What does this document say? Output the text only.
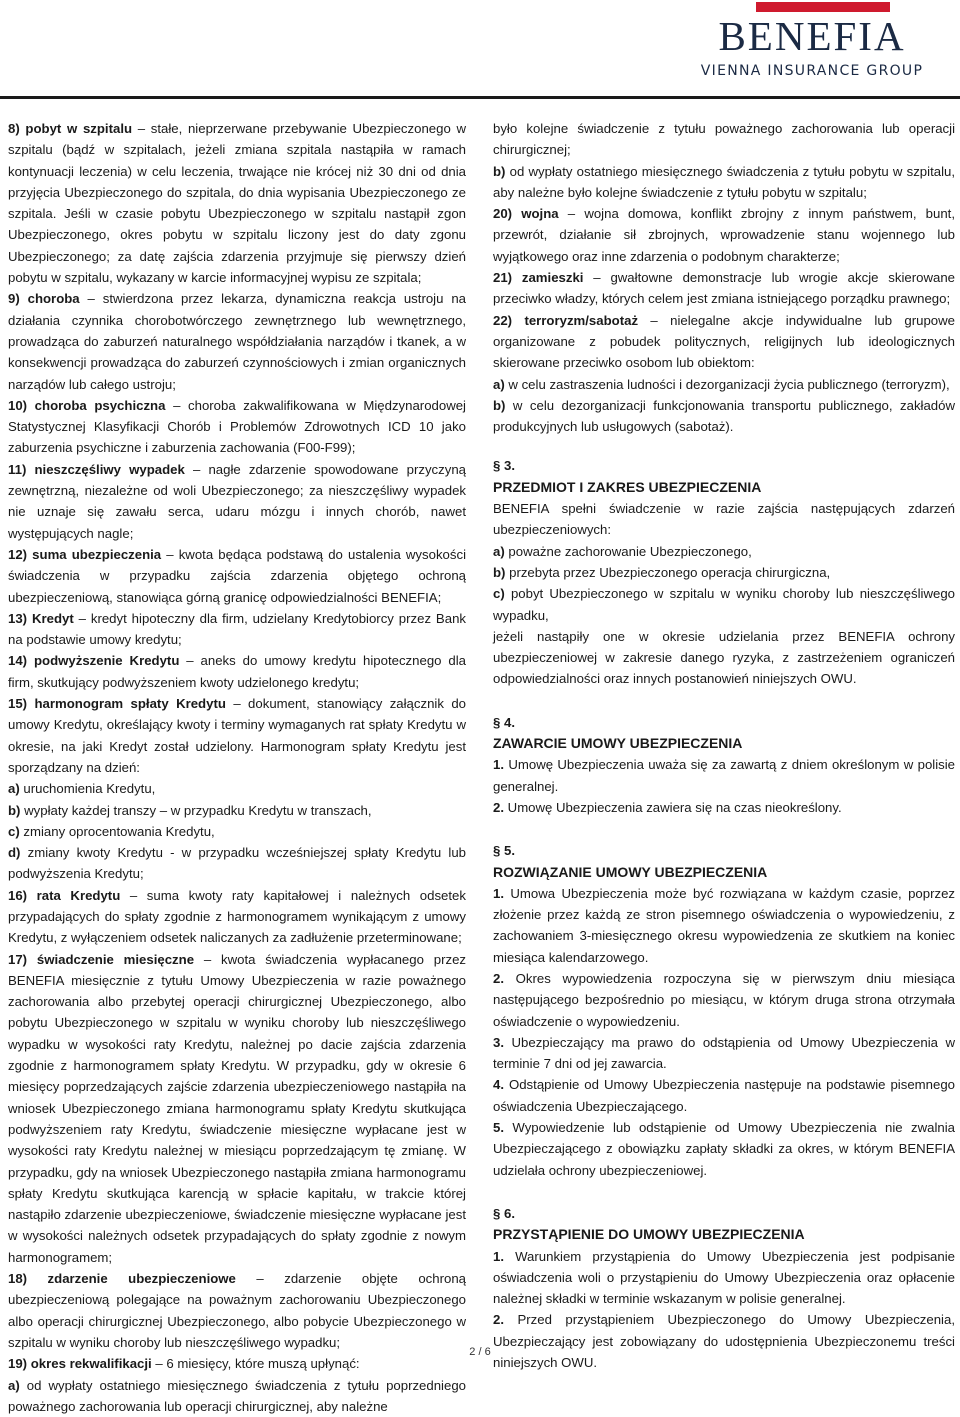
BENEFIA
VIENNA INSURANCE GROUP

8) pobyt w szpitalu – stałe, nieprzerwane przebywanie Ubezpieczonego w szpitalu (bądź w szpitalach, jeżeli zmiana szpitala nastąpiła w ramach kontynuacji leczenia) w celu leczenia, trwające nie krócej niż 30 dni od dnia przyjęcia Ubezpieczonego do szpitala, do dnia wypisania Ubezpieczonego ze szpitala. Jeśli w czasie pobytu Ubezpieczonego w szpitalu nastąpił zgon Ubezpieczonego, okres pobytu w szpitalu liczony jest do daty zgonu Ubezpieczonego; za datę zajścia zdarzenia przyjmuje się pierwszy dzień pobytu w szpitalu, wykazany w karcie informacyjnej wypisu ze szpitala;

9) choroba – stwierdzona przez lekarza, dynamiczna reakcja ustroju na działania czynnika chorobotwórczego zewnętrznego lub wewnętrznego, prowadząca do zaburzeń naturalnego współdziałania narządów i tkanek, a w konsekwencji prowadząca do zaburzeń czynnościowych i zmian organicznych narządów lub całego ustroju;

10) choroba psychiczna – choroba zakwalifikowana w Międzynarodowej Statystycznej Klasyfikacji Chorób i Problemów Zdrowotnych ICD 10 jako zaburzenia psychiczne i zaburzenia zachowania (F00-F99);

11) nieszczęśliwy wypadek – nagłe zdarzenie spowodowane przyczyną zewnętrzną, niezależne od woli Ubezpieczonego; za nieszczęśliwy wypadek nie uznaje się zawału serca, udaru mózgu i innych chorób, nawet występujących nagle;

12) suma ubezpieczenia – kwota będąca podstawą do ustalenia wysokości świadczenia w przypadku zajścia zdarzenia objętego ochroną ubezpieczeniową, stanowiąca górną granicę odpowiedzialności BENEFIA;

13) Kredyt – kredyt hipoteczny dla firm, udzielany Kredytobiorcy przez Bank na podstawie umowy kredytu;

14) podwyższenie Kredytu – aneks do umowy kredytu hipotecznego dla firm, skutkujący podwyższeniem kwoty udzielonego kredytu;

15) harmonogram spłaty Kredytu – dokument, stanowiący załącznik do umowy Kredytu, określający kwoty i terminy wymaganych rat spłaty Kredytu w okresie, na jaki Kredyt został udzielony. Harmonogram spłaty Kredytu jest sporządzany na dzień:

a) uruchomienia Kredytu,

b) wypłaty każdej transzy – w przypadku Kredytu w transzach,

c) zmiany oprocentowania Kredytu,

d) zmiany kwoty Kredytu - w przypadku wcześniejszej spłaty Kredytu lub podwyższenia Kredytu;

16) rata Kredytu – suma kwoty raty kapitałowej i należnych odsetek przypadających do spłaty zgodnie z harmonogramem wynikającym z umowy Kredytu, z wyłączeniem odsetek naliczanych za zadłużenie przeterminowane;

17) świadczenie miesięczne – kwota świadczenia wypłacanego przez BENEFIA miesięcznie z tytułu Umowy Ubezpieczenia w razie poważnego zachorowania albo przebytej operacji chirurgicznej Ubezpieczonego, albo pobytu Ubezpieczonego w szpitalu w wyniku choroby lub nieszczęśliwego wypadku w wysokości raty Kredytu, należnej po dacie zajścia zdarzenia zgodnie z harmonogramem spłaty Kredytu. W przypadku, gdy w okresie 6 miesięcy poprzedzających zajście zdarzenia ubezpieczeniowego nastąpiła na wniosek Ubezpieczonego zmiana harmonogramu spłaty Kredytu skutkująca podwyższeniem raty Kredytu, świadczenie miesięczne wypłacane jest w wysokości raty Kredytu należnej w miesiącu poprzedzającym tę zmianę. W przypadku, gdy na wniosek Ubezpieczonego nastąpiła zmiana harmonogramu spłaty Kredytu skutkująca karencją w spłacie kapitału, w trakcie której nastąpiło zdarzenie ubezpieczeniowe, świadczenie miesięczne wypłacane jest w wysokości należnych odsetek przypadających do spłaty zgodnie z nowym harmonogramem;

18) zdarzenie ubezpieczeniowe – zdarzenie objęte ochroną ubezpieczeniową polegające na poważnym zachorowaniu Ubezpieczonego albo operacji chirurgicznej Ubezpieczonego, albo pobycie Ubezpieczonego w szpitalu w wyniku choroby lub nieszczęśliwego wypadku;

19) okres rekwalifikacji – 6 miesięcy, które muszą upłynąć:

a) od wypłaty ostatniego miesięcznego świadczenia z tytułu poprzedniego poważnego zachorowania lub operacji chirurgicznej, aby należne

było kolejne świadczenie z tytułu poważnego zachorowania lub operacji chirurgicznej;

b) od wypłaty ostatniego miesięcznego świadczenia z tytułu pobytu w szpitalu, aby należne było kolejne świadczenie z tytułu pobytu w szpitalu;

20) wojna – wojna domowa, konflikt zbrojny z innym państwem, bunt, przewrót, działanie sił zbrojnych, wprowadzenie stanu wojennego lub wyjątkowego oraz inne zdarzenia o podobnym charakterze;

21) zamieszki – gwałtowne demonstracje lub wrogie akcje skierowane przeciwko władzy, których celem jest zmiana istniejącego porządku prawnego;

22) terroryzm/sabotaż – nielegalne akcje indywidualne lub grupowe organizowane z pobudek politycznych, religijnych lub ideologicznych skierowane przeciwko osobom lub obiektom:

a) w celu zastraszenia ludności i dezorganizacji życia publicznego (terroryzm),

b) w celu dezorganizacji funkcjonowania transportu publicznego, zakładów produkcyjnych lub usługowych (sabotaż).

§ 3.

PRZEDMIOT I ZAKRES UBEZPIECZENIA

BENEFIA spełni świadczenie w razie zajścia następujących zdarzeń ubezpieczeniowych:

a) poważne zachorowanie Ubezpieczonego,

b) przebyta przez Ubezpieczonego operacja chirurgiczna,

c) pobyt Ubezpieczonego w szpitalu w wyniku choroby lub nieszczęśliwego wypadku,

jeżeli nastąpiły one w okresie udzielania przez BENEFIA ochrony ubezpieczeniowej w zakresie danego ryzyka, z zastrzeżeniem ograniczeń odpowiedzialności oraz innych postanowień niniejszych OWU.

§ 4.

ZAWARCIE UMOWY UBEZPIECZENIA

1. Umowę Ubezpieczenia uważa się za zawartą z dniem określonym w polisie generalnej.

2. Umowę Ubezpieczenia zawiera się na czas nieokreślony.

§ 5.

ROZWIĄZANIE UMOWY UBEZPIECZENIA

1. Umowa Ubezpieczenia może być rozwiązana w każdym czasie, poprzez złożenie przez każdą ze stron pisemnego oświadczenia o wypowiedzeniu, z zachowaniem 3-miesięcznego okresu wypowiedzenia ze skutkiem na koniec miesiąca kalendarzowego.

2. Okres wypowiedzenia rozpoczyna się w pierwszym dniu miesiąca następującego bezpośrednio po miesiącu, w którym druga strona otrzymała oświadczenie o wypowiedzeniu.

3. Ubezpieczający ma prawo do odstąpienia od Umowy Ubezpieczenia w terminie 7 dni od jej zawarcia.

4. Odstąpienie od Umowy Ubezpieczenia następuje na podstawie pisemnego oświadczenia Ubezpieczającego.

5. Wypowiedzenie lub odstąpienie od Umowy Ubezpieczenia nie zwalnia Ubezpieczającego z obowiązku zapłaty składki za okres, w którym BENEFIA udzielała ochrony ubezpieczeniowej.

§ 6.

PRZYSTĄPIENIE DO UMOWY UBEZPIECZENIA

1. Warunkiem przystąpienia do Umowy Ubezpieczenia jest podpisanie oświadczenia woli o przystąpieniu do Umowy Ubezpieczenia oraz opłacenie należnej składki w terminie wskazanym w polisie generalnej.

2. Przed przystąpieniem Ubezpieczonego do Umowy Ubezpieczenia, Ubezpieczający jest zobowiązany do udostępnienia Ubezpieczonemu treści niniejszych OWU.

2 / 6
